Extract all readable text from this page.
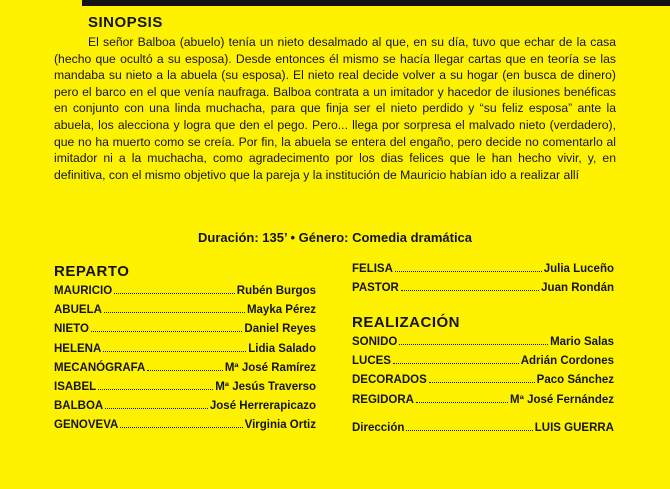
SINOPSIS

El señor Balboa (abuelo) tenía un nieto desalmado al que, en su día, tuvo que echar de la casa (hecho que ocultó a su esposa). Desde entonces él mismo se hacía llegar cartas que en teoría se las mandaba su nieto a la abuela (su esposa). El nieto real decide volver a su hogar (en busca de dinero) pero el barco en el que venía naufraga. Balboa contrata a un imitador y hacedor de ilusiones benéficas en conjunto con una linda muchacha, para que finja ser el nieto perdido y “su feliz esposa” ante la abuela, los alecciona y logra que den el pego. Pero... llega por sorpresa el malvado nieto (verdadero), que no ha muerto como se creía. Por fin, la abuela se entera del engaño, pero decide no comentarlo al imitador ni a la muchacha, como agradecimento por los dias felices que le han hecho vivir, y, en definitiva, con el mismo objetivo que la pareja y la institución de Mauricio habían ido a realizar allí

Duración: 135’ • Género: Comedia dramática
REPARTO
MAURICIO	Rubén Burgos
ABUELA	Mayka Pérez
NIETO	Daniel Reyes
HELENA	Lidia Salado
MECANÓGRAFA	Mª José Ramírez
ISABEL	Mª Jesús Traverso
BALBOA	José Herrerapicazo
GENOVEVA	Virginia Ortiz
FELISA	Julia Luceño
PASTOR	Juan Rondán
REALIZACIÓN
SONIDO	Mario Salas
LUCES	Adrián Cordones
DECORADOS	Paco Sánchez
REGIDORA	Mª José Fernández
Dirección	LUIS GUERRA
